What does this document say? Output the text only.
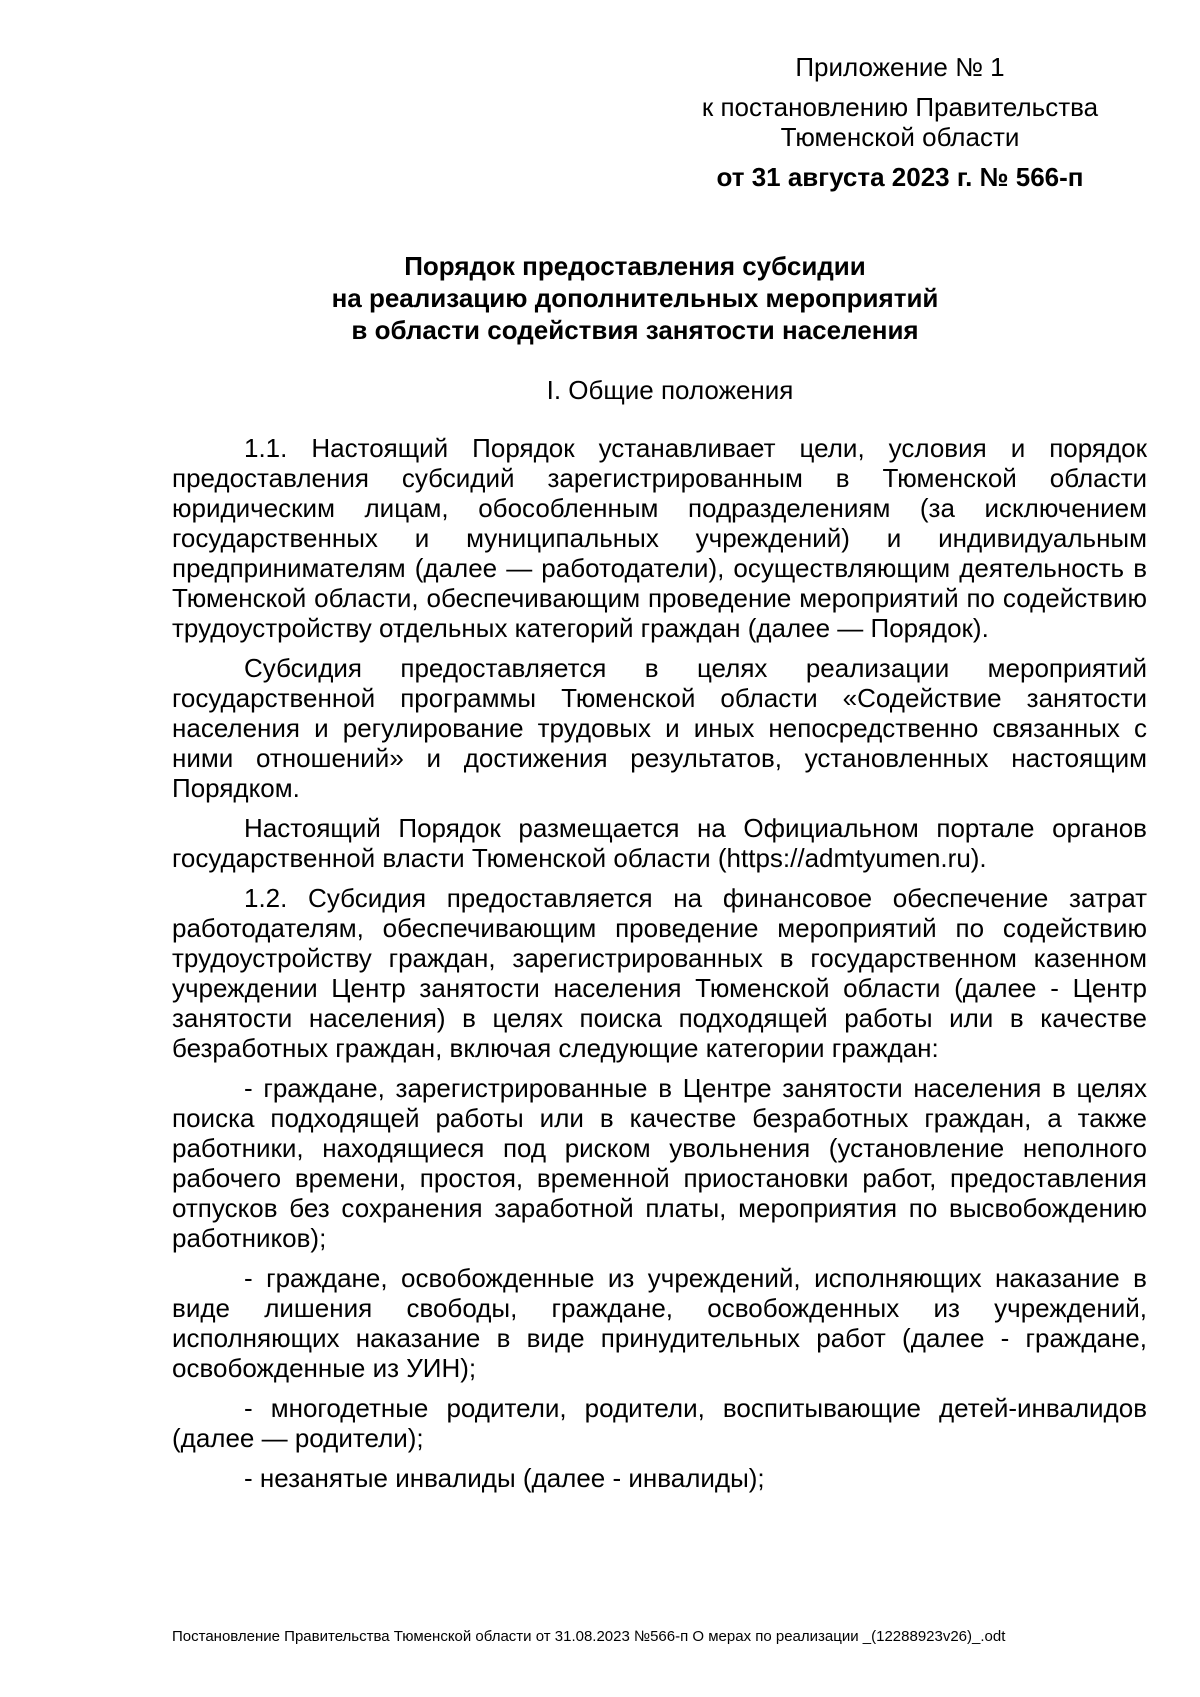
Приложение № 1
к постановлению Правительства
Тюменской области
от 31 августа 2023 г. № 566-п
Порядок предоставления субсидии
на реализацию дополнительных мероприятий
в области содействия занятости населения
I. Общие положения

1.1. Настоящий Порядок устанавливает цели, условия и порядок предоставления субсидий зарегистрированным в Тюменской области юридическим лицам, обособленным подразделениям (за исключением государственных и муниципальных учреждений) и индивидуальным предпринимателям (далее — работодатели), осуществляющим деятельность в Тюменской области, обеспечивающим проведение мероприятий по содействию трудоустройству отдельных категорий граждан (далее — Порядок).

Субсидия предоставляется в целях реализации мероприятий государственной программы Тюменской области «Содействие занятости населения и регулирование трудовых и иных непосредственно связанных с ними отношений» и достижения результатов, установленных настоящим Порядком.

Настоящий Порядок размещается на Официальном портале органов государственной власти Тюменской области (https://admtyumen.ru).

1.2. Субсидия предоставляется на финансовое обеспечение затрат работодателям, обеспечивающим проведение мероприятий по содействию трудоустройству граждан, зарегистрированных в государственном казенном учреждении Центр занятости населения Тюменской области (далее - Центр занятости населения) в целях поиска подходящей работы или в качестве безработных граждан, включая следующие категории граждан:

- граждане, зарегистрированные в Центре занятости населения в целях поиска подходящей работы или в качестве безработных граждан, а также работники, находящиеся под риском увольнения (установление неполного рабочего времени, простоя, временной приостановки работ, предоставления отпусков без сохранения заработной платы, мероприятия по высвобождению работников);

- граждане, освобожденные из учреждений, исполняющих наказание в виде лишения свободы, граждане, освобожденных из учреждений, исполняющих наказание в виде принудительных работ (далее - граждане, освобожденные из УИН);

- многодетные родители, родители, воспитывающие детей-инвалидов (далее — родители);

- незанятые инвалиды (далее - инвалиды);

Постановление Правительства Тюменской области от 31.08.2023 №566-п О мерах по реализации _(12288923v26)_.odt
